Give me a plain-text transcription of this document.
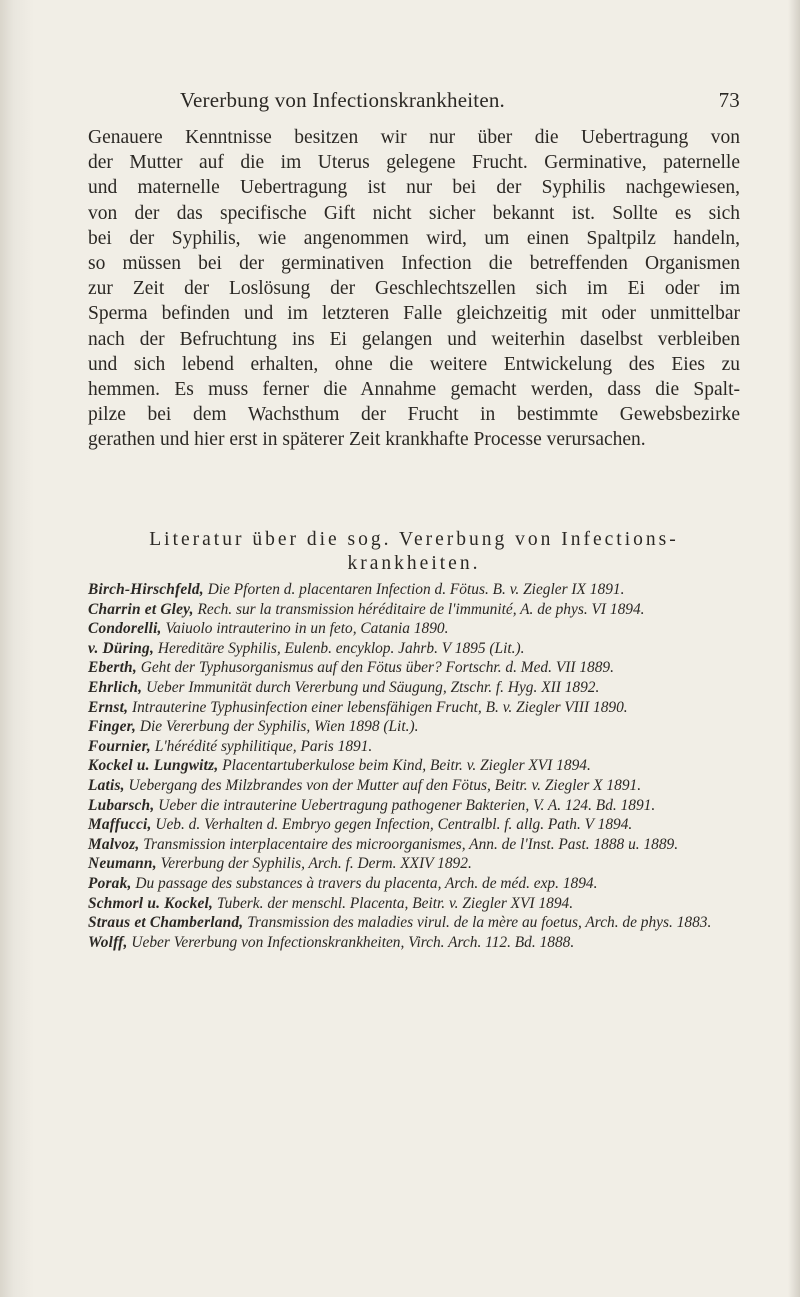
Vererbung von Infectionskrankheiten.	73
Genauere Kenntnisse besitzen wir nur über die Uebertragung von
der Mutter auf die im Uterus gelegene Frucht. Germinative, paternelle
und maternelle Uebertragung ist nur bei der Syphilis nachgewiesen,
von der das specifische Gift nicht sicher bekannt ist. Sollte es sich
bei der Syphilis, wie angenommen wird, um einen Spaltpilz handeln,
so müssen bei der germinativen Infection die betreffenden Organismen
zur Zeit der Loslösung der Geschlechtszellen sich im Ei oder im
Sperma befinden und im letzteren Falle gleichzeitig mit oder unmittelbar
nach der Befruchtung ins Ei gelangen und weiterhin daselbst verbleiben
und sich lebend erhalten, ohne die weitere Entwickelung des Eies zu
hemmen. Es muss ferner die Annahme gemacht werden, dass die Spalt-
pilze bei dem Wachsthum der Frucht in bestimmte Gewebsbezirke
gerathen und hier erst in späterer Zeit krankhafte Processe verursachen.
Literatur über die sog. Vererbung von Infections-
krankheiten.
Birch-Hirschfeld, Die Pforten d. placentaren Infection d. Fötus. B. v. Ziegler IX 1891.
Charrin et Gley, Rech. sur la transmission héréditaire de l'immunité, A. de phys. VI 1894.
Condorelli, Vaiuolo intrauterino in un feto, Catania 1890.
v. Düring, Hereditäre Syphilis, Eulenb. encyklop. Jahrb. V 1895 (Lit.).
Eberth, Geht der Typhusorganismus auf den Fötus über? Fortschr. d. Med. VII 1889.
Ehrlich, Ueber Immunität durch Vererbung und Säugung, Ztschr. f. Hyg. XII 1892.
Ernst, Intrauterine Typhusinfection einer lebensfähigen Frucht, B. v. Ziegler VIII 1890.
Finger, Die Vererbung der Syphilis, Wien 1898 (Lit.).
Fournier, L'hérédité syphilitique, Paris 1891.
Kockel u. Lungwitz, Placentartuberkulose beim Kind, Beitr. v. Ziegler XVI 1894.
Latis, Uebergang des Milzbrandes von der Mutter auf den Fötus, Beitr. v. Ziegler X 1891.
Lubarsch, Ueber die intrauterine Uebertragung pathogener Bakterien, V. A. 124. Bd. 1891.
Maffucci, Ueb. d. Verhalten d. Embryo gegen Infection, Centralbl. f. allg. Path. V 1894.
Malvoz, Transmission interplacentaire des microorganismes, Ann. de l'Inst. Past. 1888 u. 1889.
Neumann, Vererbung der Syphilis, Arch. f. Derm. XXIV 1892.
Porak, Du passage des substances à travers du placenta, Arch. de méd. exp. 1894.
Schmorl u. Kockel, Tuberk. der menschl. Placenta, Beitr. v. Ziegler XVI 1894.
Straus et Chamberland, Transmission des maladies virul. de la mère au foetus, Arch. de phys. 1883.
Wolff, Ueber Vererbung von Infectionskrankheiten, Virch. Arch. 112. Bd. 1888.
